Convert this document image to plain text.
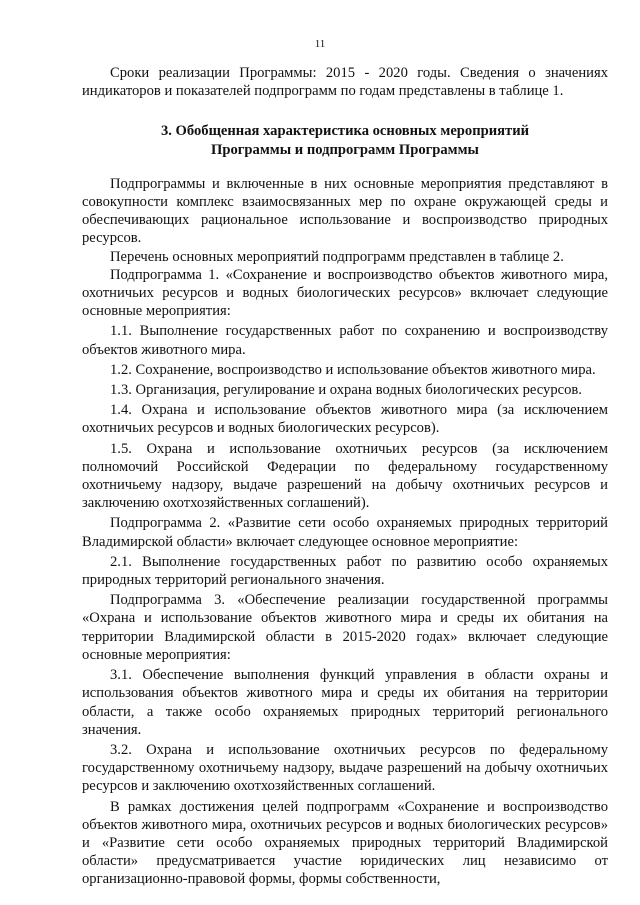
11

Сроки реализации Программы: 2015 - 2020 годы. Сведения о значениях индикаторов и показателей подпрограмм по годам представлены в таблице 1.

3. Обобщенная характеристика основных мероприятий
Программы и подпрограмм Программы

Подпрограммы и включенные в них основные мероприятия представляют в совокупности комплекс взаимосвязанных мер по охране окружающей среды и обеспечивающих рациональное использование и воспроизводство природных ресурсов.

Перечень основных мероприятий подпрограмм представлен в таблице 2.

Подпрограмма 1. «Сохранение и воспроизводство объектов животного мира, охотничьих ресурсов и водных биологических ресурсов» включает следующие основные мероприятия:

1.1. Выполнение государственных работ по сохранению и воспроизводству объектов животного мира.

1.2. Сохранение, воспроизводство и использование объектов животного мира.

1.3. Организация, регулирование и охрана водных биологических ресурсов.

1.4. Охрана и использование объектов животного мира (за исключением охотничьих ресурсов и водных биологических ресурсов).

1.5. Охрана и использование охотничьих ресурсов (за исключением полномочий Российской Федерации по федеральному государственному охотничьему надзору, выдаче разрешений на добычу охотничьих ресурсов и заключению охотхозяйственных соглашений).

Подпрограмма 2. «Развитие сети особо охраняемых природных территорий Владимирской области» включает следующее основное мероприятие:

2.1. Выполнение государственных работ по развитию особо охраняемых природных территорий регионального значения.

Подпрограмма 3. «Обеспечение реализации государственной программы «Охрана и использование объектов животного мира и среды их обитания на территории Владимирской области в 2015-2020 годах» включает следующие основные мероприятия:

3.1. Обеспечение выполнения функций управления в области охраны и использования объектов животного мира и среды их обитания на территории области, а также особо охраняемых природных территорий регионального значения.

3.2. Охрана и использование охотничьих ресурсов по федеральному государственному охотничьему надзору, выдаче разрешений на добычу охотничьих ресурсов и заключению охотхозяйственных соглашений.

В рамках достижения целей подпрограмм «Сохранение и воспроизводство объектов животного мира, охотничьих ресурсов и водных биологических ресурсов» и «Развитие сети особо охраняемых природных территорий Владимирской области» предусматривается участие юридических лиц независимо от организационно-правовой формы, формы собственности,
